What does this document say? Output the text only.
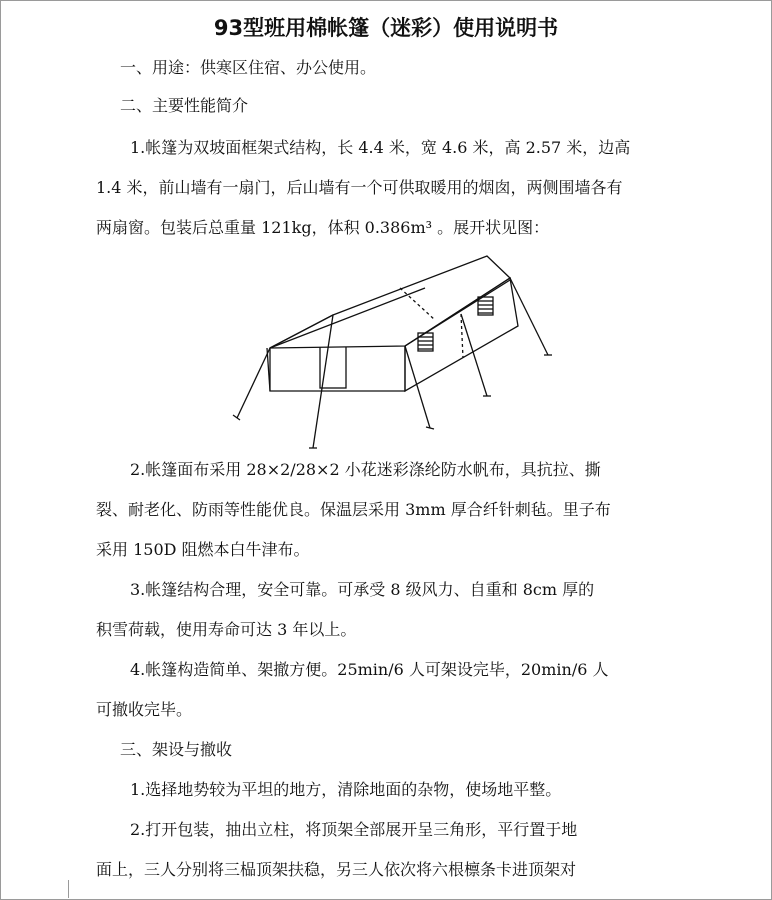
93型班用棉帐篷（迷彩）使用说明书
一、用途：供寒区住宿、办公使用。
二、主要性能简介
1.帐篷为双坡面框架式结构，长 4.4 米，宽 4.6 米，高 2.57 米，边高
1.4 米，前山墙有一扇门，后山墙有一个可供取暖用的烟囱，两侧围墙各有
两扇窗。包装后总重量 121kg，体积 0.386m³ 。展开状见图：
2.帐篷面布采用 28×2/28×2 小花迷彩涤纶防水帆布，具抗拉、撕
裂、耐老化、防雨等性能优良。保温层采用 3mm 厚合纤针刺毡。里子布
采用 150D 阻燃本白牛津布。
3.帐篷结构合理，安全可靠。可承受 8 级风力、自重和 8cm 厚的
积雪荷载，使用寿命可达 3 年以上。
4.帐篷构造简单、架撤方便。25min/6 人可架设完毕，20min/6 人
可撤收完毕。
三、架设与撤收
1.选择地势较为平坦的地方，清除地面的杂物，使场地平整。
2.打开包装，抽出立柱，将顶架全部展开呈三角形，平行置于地
面上，三人分别将三榀顶架扶稳，另三人依次将六根檩条卡进顶架对
